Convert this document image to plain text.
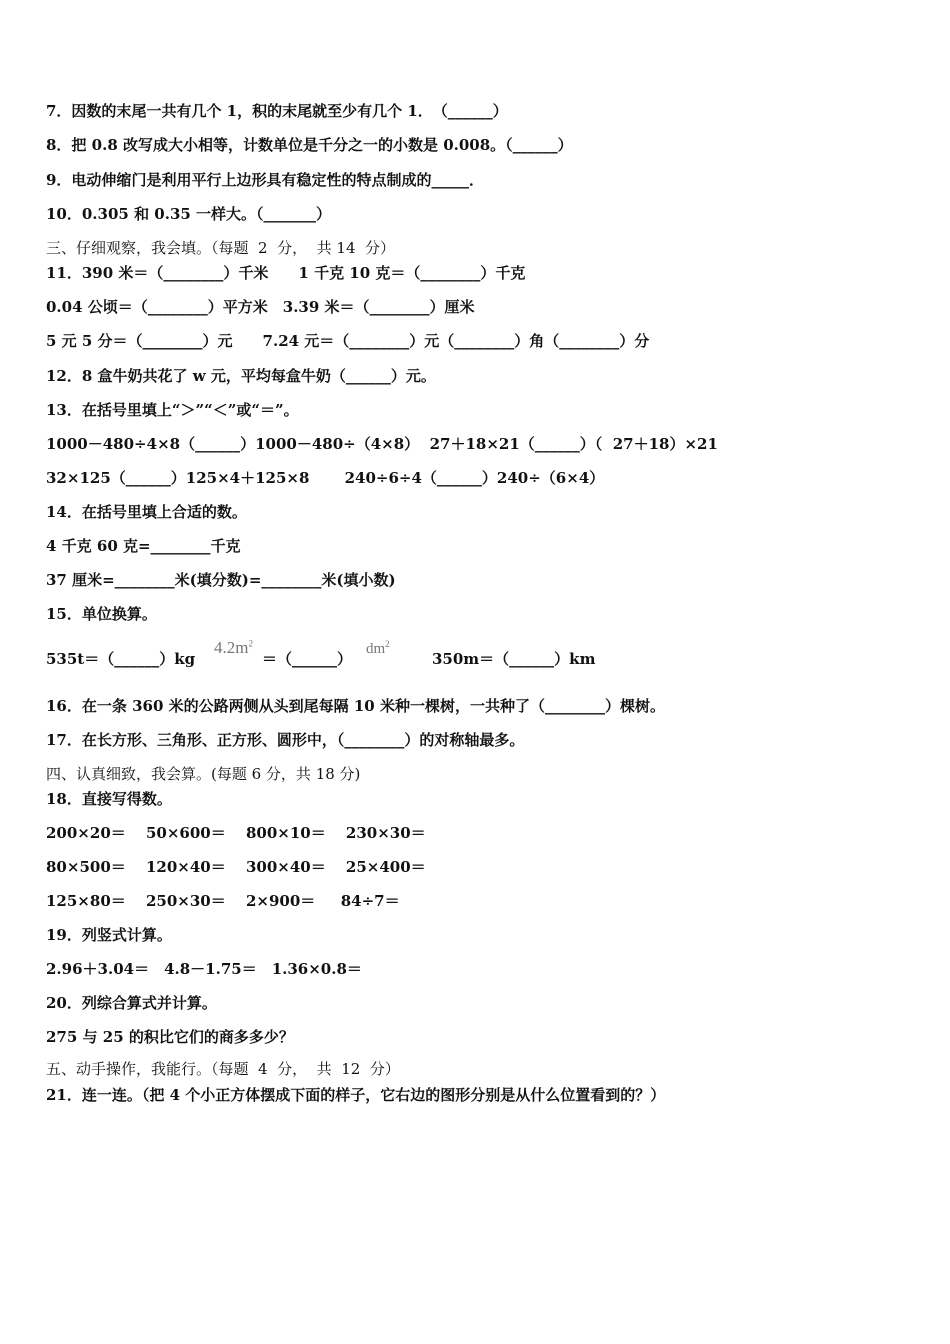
7．因数的末尾一共有几个 1，积的末尾就至少有几个 1．　（______）
8．把 0.8 改写成大小相等，计数单位是千分之一的小数是 0.008。（______）
9．电动伸缩门是利用平行上边形具有稳定性的特点制成的_____．
10．0.305 和 0.35 一样大。（_______）
三、仔细观察，我会填。（每题  2  分，  共 14  分）
11．390 米＝（________）千米　　1 千克 10 克＝（________）千克
0.04 公顷＝（________）平方米　3.39 米＝（________）厘米
5 元 5 分＝（________）元　　7.24 元＝（________）元（________）角（________）分
12．8 盒牛奶共花了 w 元，平均每盒牛奶（______）元。
13．在括号里填上“＞”“＜”或“＝”。
1000－480÷4×8（______）1000－480÷（4×8）  27＋18×21（______）（  27＋18）×21
32×125（______）125×4＋125×8　　 240÷6÷4（______）240÷（6×4）
14．在括号里填上合适的数。
4 千克 60 克=________千克
37 厘米=________米(填分数)=________米(填小数)
15．单位换算。
535t＝（______）kg
$4.2m^2$
＝（______）
$dm^2$
350m＝（______）km
16．在一条 360 米的公路两侧从头到尾每隔 10 米种一棵树，一共种了（________）棵树。
17．在长方形、三角形、正方形、圆形中，（________）的对称轴最多。
四、认真细致，我会算。(每题 6 分，共 18 分)
18．直接写得数。
200×20＝　 50×600＝　 800×10＝　 230×30＝
80×500＝　 120×40＝　 300×40＝　 25×400＝
125×80＝　 250×30＝　 2×900＝　  84÷7＝
19．列竖式计算。
2.96＋3.04＝　4.8－1.75＝　1.36×0.8＝
20．列综合算式并计算。
275 与 25 的积比它们的商多多少？
五、动手操作，我能行。（每题  4  分，  共  12  分）
21．连一连。（把 4 个小正方体摆成下面的样子，它右边的图形分别是从什么位置看到的？）
